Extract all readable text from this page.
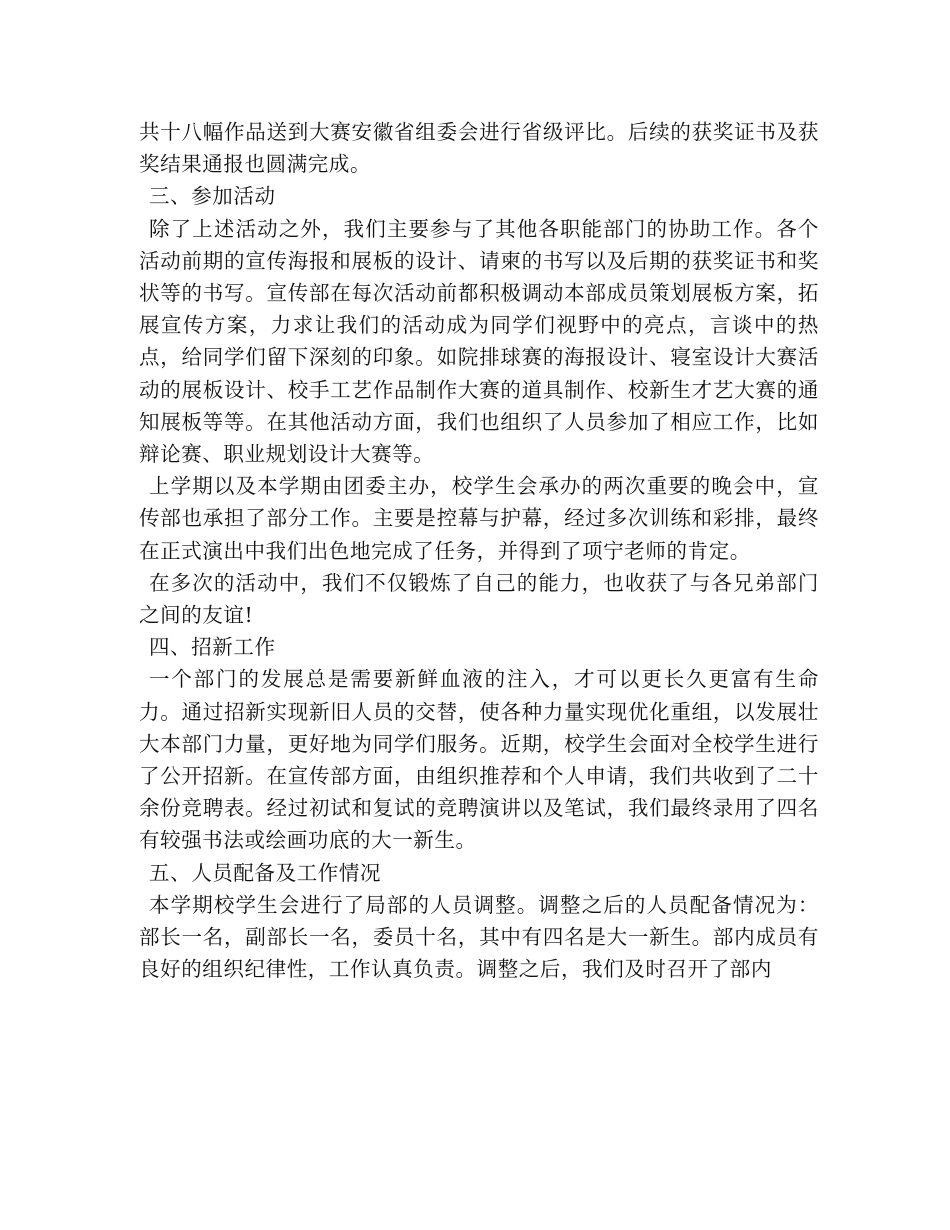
共十八幅作品送到大赛安徽省组委会进行省级评比。后续的获奖证书及获奖结果通报也圆满完成。

三、参加活动

除了上述活动之外，我们主要参与了其他各职能部门的协助工作。各个活动前期的宣传海报和展板的设计、请柬的书写以及后期的获奖证书和奖状等的书写。宣传部在每次活动前都积极调动本部成员策划展板方案，拓展宣传方案，力求让我们的活动成为同学们视野中的亮点，言谈中的热点，给同学们留下深刻的印象。如院排球赛的海报设计、寝室设计大赛活动的展板设计、校手工艺作品制作大赛的道具制作、校新生才艺大赛的通知展板等等。在其他活动方面，我们也组织了人员参加了相应工作，比如辩论赛、职业规划设计大赛等。

上学期以及本学期由团委主办，校学生会承办的两次重要的晚会中，宣传部也承担了部分工作。主要是控幕与护幕，经过多次训练和彩排，最终在正式演出中我们出色地完成了任务，并得到了项宁老师的肯定。

在多次的活动中，我们不仅锻炼了自己的能力，也收获了与各兄弟部门之间的友谊!

四、招新工作

一个部门的发展总是需要新鲜血液的注入，才可以更长久更富有生命力。通过招新实现新旧人员的交替，使各种力量实现优化重组，以发展壮大本部门力量，更好地为同学们服务。近期，校学生会面对全校学生进行了公开招新。在宣传部方面，由组织推荐和个人申请，我们共收到了二十余份竞聘表。经过初试和复试的竞聘演讲以及笔试，我们最终录用了四名有较强书法或绘画功底的大一新生。

五、人员配备及工作情况

本学期校学生会进行了局部的人员调整。调整之后的人员配备情况为：部长一名，副部长一名，委员十名，其中有四名是大一新生。部内成员有良好的组织纪律性，工作认真负责。调整之后，我们及时召开了部内
